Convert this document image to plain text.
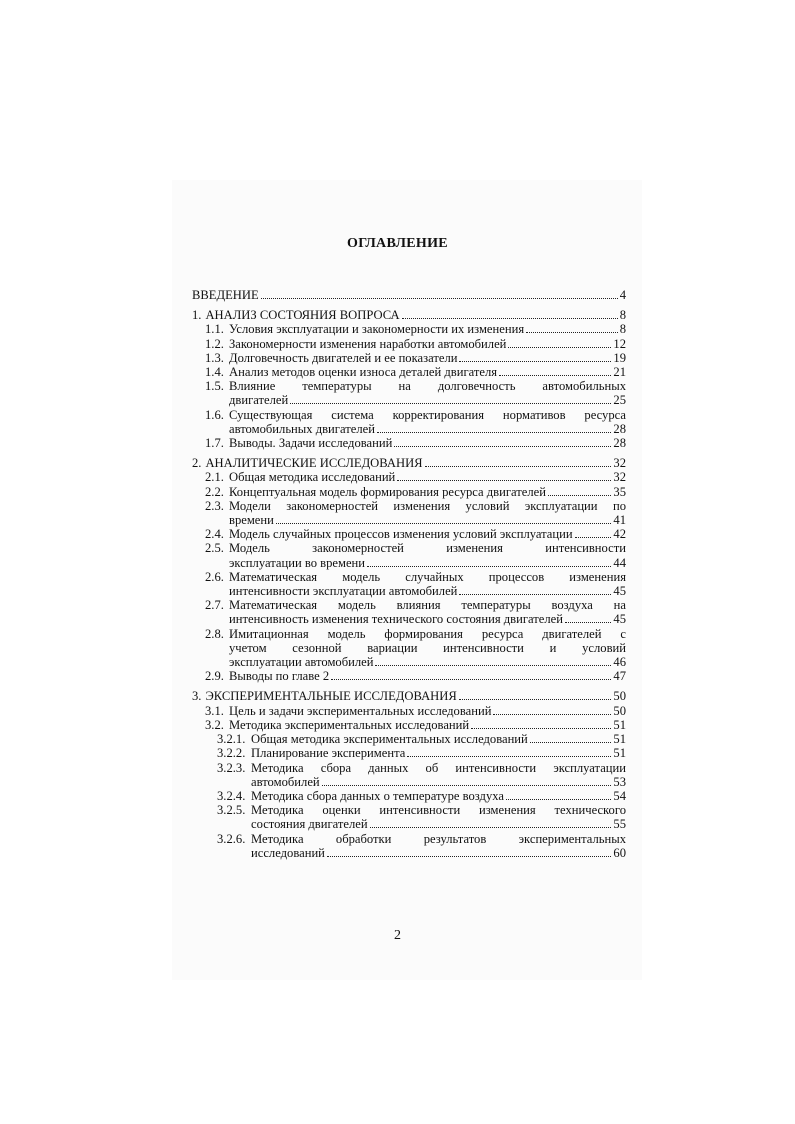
ОГЛАВЛЕНИЕ
ВВЕДЕНИЕ	4
1. АНАЛИЗ СОСТОЯНИЯ ВОПРОСА	8
1.1. Условия эксплуатации и закономерности их изменения	8
1.2. Закономерности изменения наработки автомобилей	12
1.3. Долговечность двигателей и ее показатели	19
1.4. Анализ методов оценки износа деталей двигателя	21
1.5. Влияние температуры на долговечность автомобильных
двигателей	25
1.6. Существующая система корректирования нормативов ресурса
автомобильных двигателей	28
1.7. Выводы. Задачи исследований	28
2. АНАЛИТИЧЕСКИЕ ИССЛЕДОВАНИЯ	32
2.1. Общая методика исследований	32
2.2. Концептуальная модель формирования ресурса двигателей	35
2.3. Модели закономерностей изменения условий эксплуатации по
времени	41
2.4. Модель случайных процессов изменения условий эксплуатации	42
2.5. Модель закономерностей изменения интенсивности
эксплуатации во времени	44
2.6. Математическая модель случайных процессов изменения
интенсивности эксплуатации автомобилей	45
2.7. Математическая модель влияния температуры воздуха на
интенсивность изменения технического состояния двигателей	45
2.8. Имитационная модель формирования ресурса двигателей с
учетом сезонной вариации интенсивности и условий
эксплуатации автомобилей	46
2.9. Выводы по главе 2	47
3. ЭКСПЕРИМЕНТАЛЬНЫЕ ИССЛЕДОВАНИЯ	50
3.1. Цель и задачи экспериментальных исследований	50
3.2. Методика экспериментальных исследований	51
3.2.1. Общая методика экспериментальных исследований	51
3.2.2. Планирование эксперимента	51
3.2.3. Методика сбора данных об интенсивности эксплуатации
автомобилей	53
3.2.4. Методика сбора данных о температуре воздуха	54
3.2.5. Методика оценки интенсивности изменения технического
состояния двигателей	55
3.2.6. Методика обработки результатов экспериментальных
исследований	60
2
